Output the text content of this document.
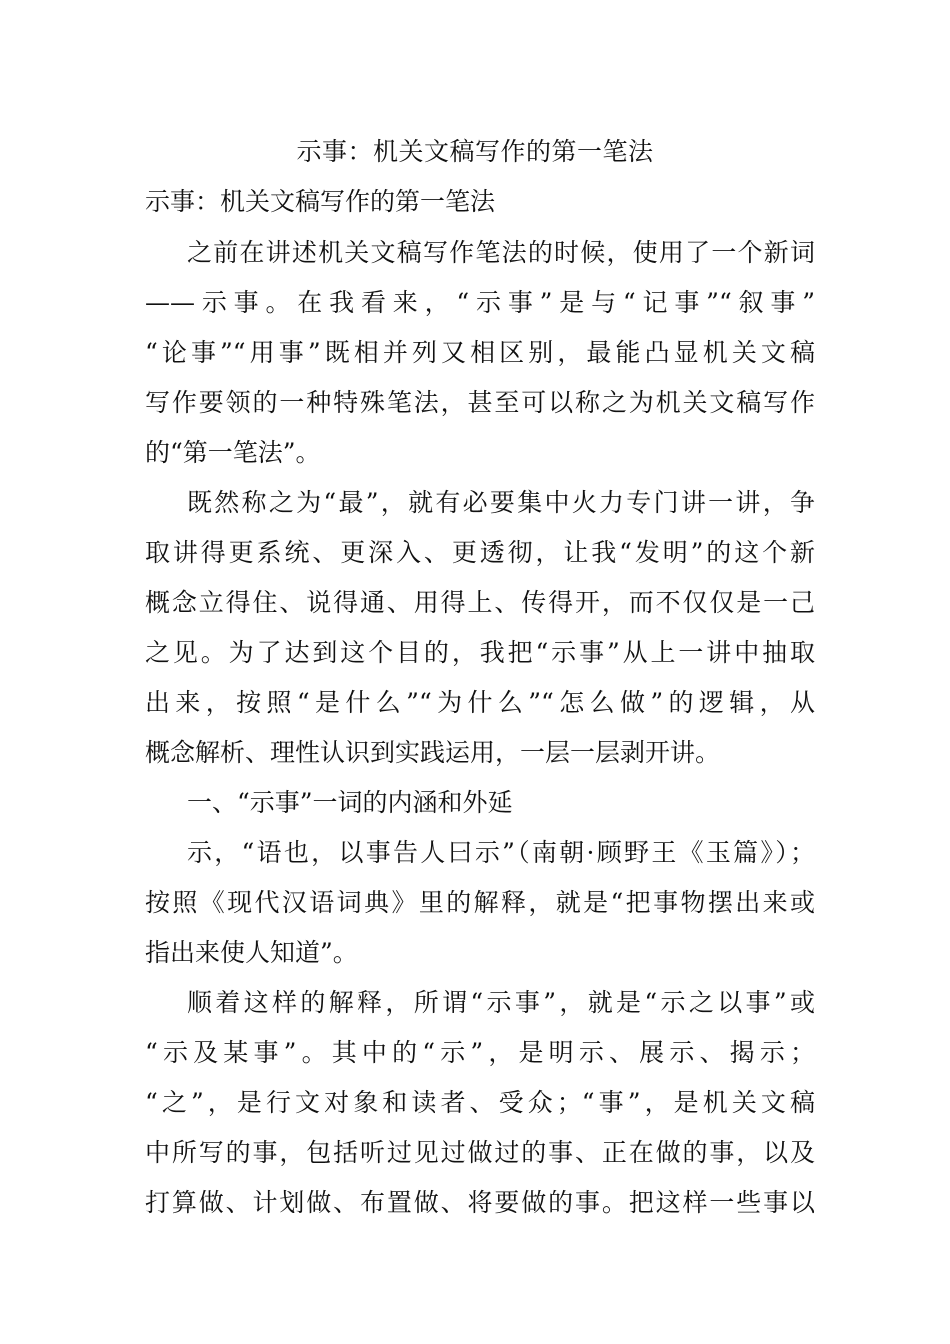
示事：机关文稿写作的第一笔法
示事：机关文稿写作的第一笔法
之前在讲述机关文稿写作笔法的时候，使用了一个新词
——示事。在我看来，“示事”是与“记事”“叙事”
“论事”“用事”既相并列又相区别，最能凸显机关文稿
写作要领的一种特殊笔法，甚至可以称之为机关文稿写作
的“第一笔法”。
既然称之为“最”，就有必要集中火力专门讲一讲，争
取讲得更系统、更深入、更透彻，让我“发明”的这个新
概念立得住、说得通、用得上、传得开，而不仅仅是一己
之见。为了达到这个目的，我把“示事”从上一讲中抽取
出来，按照“是什么”“为什么”“怎么做”的逻辑，从
概念解析、理性认识到实践运用，一层一层剥开讲。
一、“示事”一词的内涵和外延
示，“语也，以事告人曰示”（南朝·顾野王《玉篇》）；
按照《现代汉语词典》里的解释，就是“把事物摆出来或
指出来使人知道”。
顺着这样的解释，所谓“示事”，就是“示之以事”或
“示及某事”。其中的“示”，是明示、展示、揭示；
“之”，是行文对象和读者、受众；“事”，是机关文稿
中所写的事，包括听过见过做过的事、正在做的事，以及
打算做、计划做、布置做、将要做的事。把这样一些事以
